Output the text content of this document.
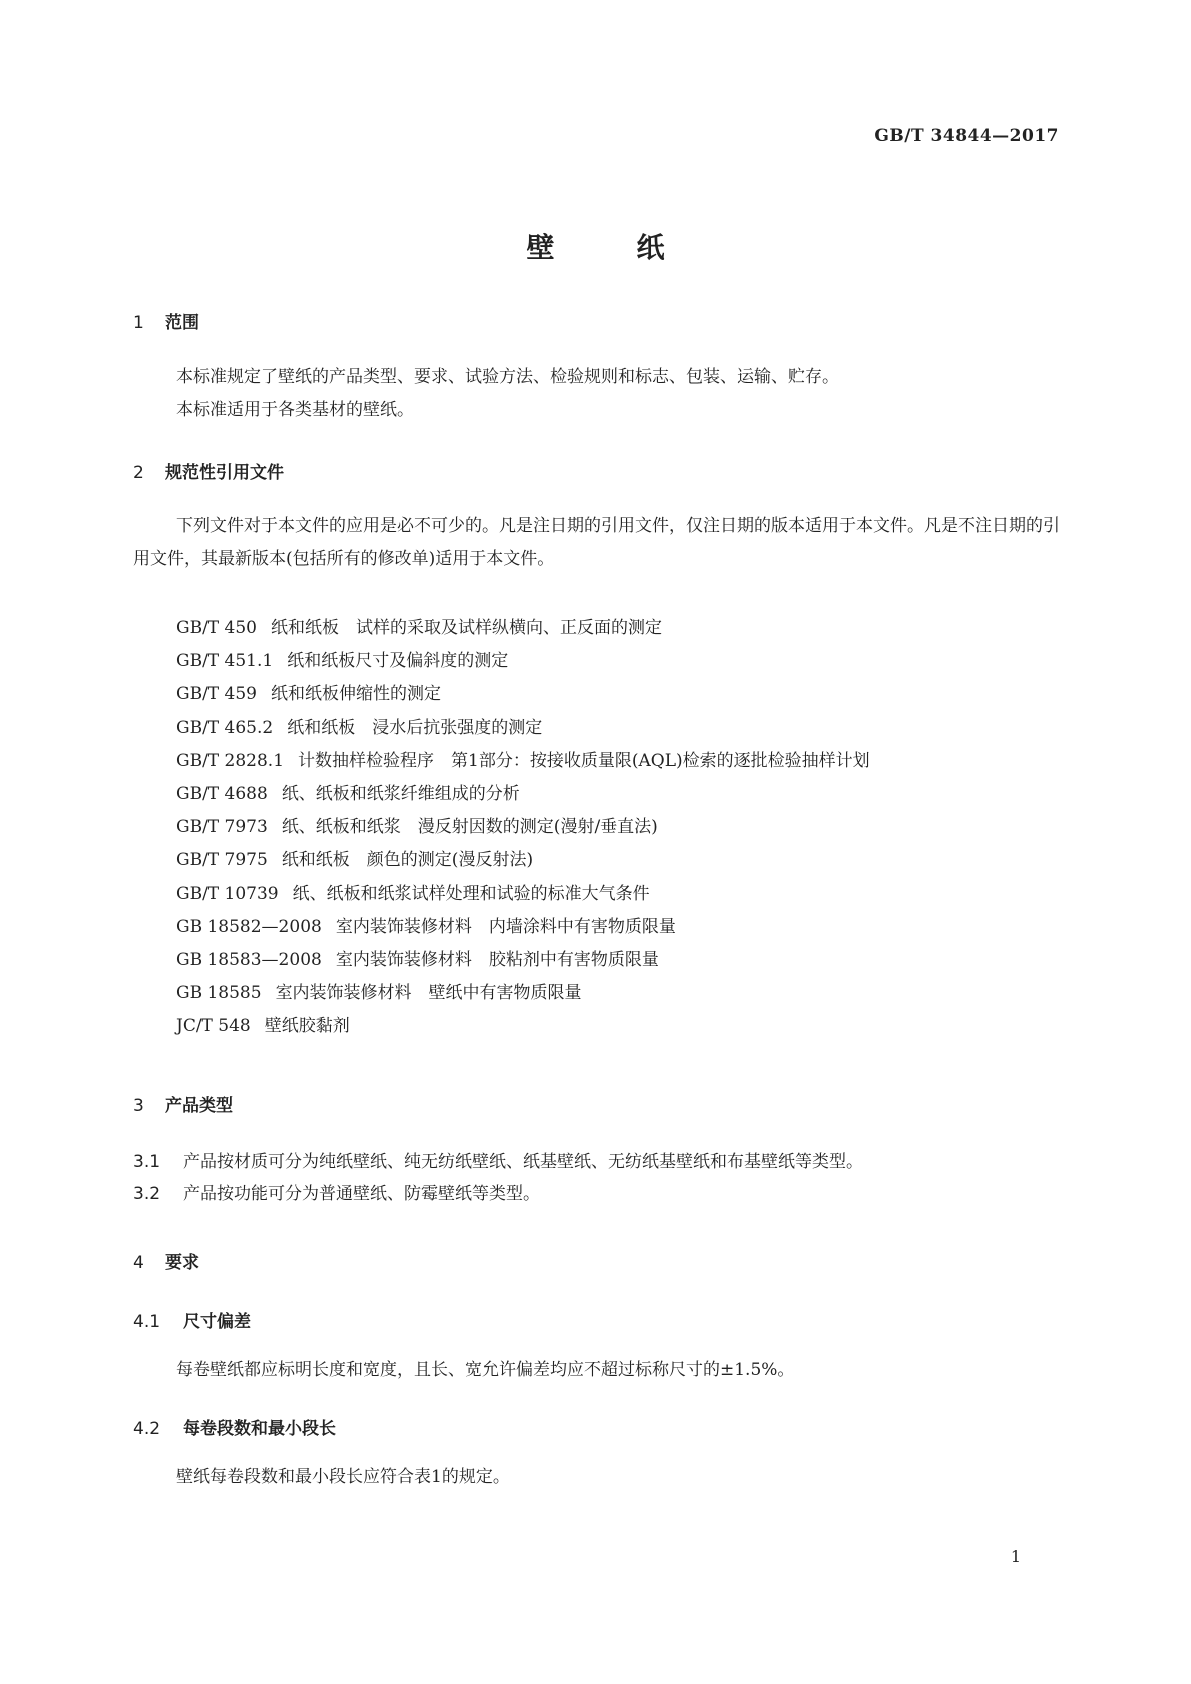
GB/T 34844—2017
壁	纸
1 范围

本标准规定了壁纸的产品类型、要求、试验方法、检验规则和标志、包装、运输、贮存。

本标准适用于各类基材的壁纸。

2 规范性引用文件

下列文件对于本文件的应用是必不可少的。凡是注日期的引用文件，仅注日期的版本适用于本文件。凡是不注日期的引用文件，其最新版本(包括所有的修改单)适用于本文件。

GB/T 450 纸和纸板　试样的采取及试样纵横向、正反面的测定
GB/T 451.1 纸和纸板尺寸及偏斜度的测定
GB/T 459 纸和纸板伸缩性的测定
GB/T 465.2 纸和纸板　浸水后抗张强度的测定
GB/T 2828.1 计数抽样检验程序　第1部分：按接收质量限(AQL)检索的逐批检验抽样计划
GB/T 4688 纸、纸板和纸浆纤维组成的分析
GB/T 7973 纸、纸板和纸浆　漫反射因数的测定(漫射/垂直法)
GB/T 7975 纸和纸板　颜色的测定(漫反射法)
GB/T 10739 纸、纸板和纸浆试样处理和试验的标准大气条件
GB 18582—2008 室内装饰装修材料　内墙涂料中有害物质限量
GB 18583—2008 室内装饰装修材料　胶粘剂中有害物质限量
GB 18585 室内装饰装修材料　壁纸中有害物质限量
JC/T 548 壁纸胶黏剂
3 产品类型
3.1 产品按材质可分为纯纸壁纸、纯无纺纸壁纸、纸基壁纸、无纺纸基壁纸和布基壁纸等类型。
3.2 产品按功能可分为普通壁纸、防霉壁纸等类型。
4 要求
4.1 尺寸偏差

每卷壁纸都应标明长度和宽度，且长、宽允许偏差均应不超过标称尺寸的±1.5%。

4.2 每卷段数和最小段长

壁纸每卷段数和最小段长应符合表1的规定。

1
